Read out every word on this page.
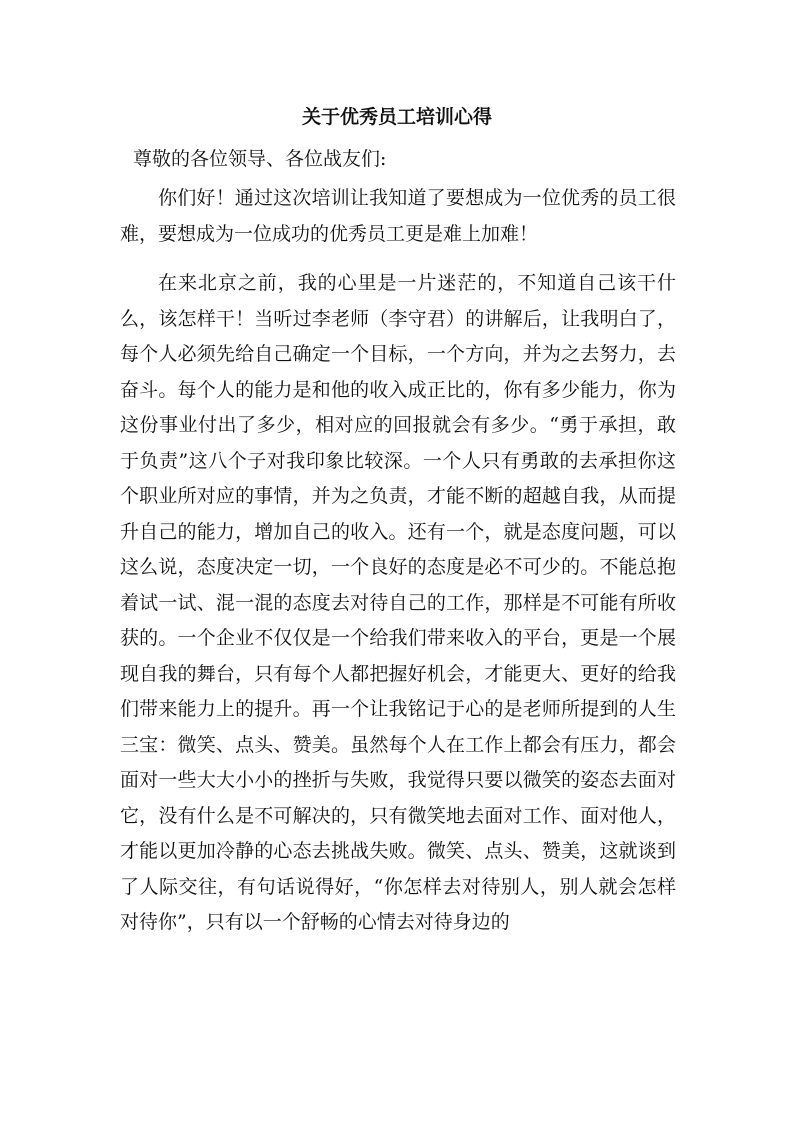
关于优秀员工培训心得

尊敬的各位领导、各位战友们:

你们好！通过这次培训让我知道了要想成为一位优秀的员工很难，要想成为一位成功的优秀员工更是难上加难！

在来北京之前，我的心里是一片迷茫的，不知道自己该干什么，该怎样干！当听过李老师（李守君）的讲解后，让我明白了，每个人必须先给自己确定一个目标，一个方向，并为之去努力，去奋斗。每个人的能力是和他的收入成正比的，你有多少能力，你为这份事业付出了多少，相对应的回报就会有多少。“勇于承担，敢于负责”这八个子对我印象比较深。一个人只有勇敢的去承担你这个职业所对应的事情，并为之负责，才能不断的超越自我，从而提升自己的能力，增加自己的收入。还有一个，就是态度问题，可以这么说，态度决定一切，一个良好的态度是必不可少的。不能总抱着试一试、混一混的态度去对待自己的工作，那样是不可能有所收获的。一个企业不仅仅是一个给我们带来收入的平台，更是一个展现自我的舞台，只有每个人都把握好机会，才能更大、更好的给我们带来能力上的提升。再一个让我铭记于心的是老师所提到的人生三宝：微笑、点头、赞美。虽然每个人在工作上都会有压力，都会面对一些大大小小的挫折与失败，我觉得只要以微笑的姿态去面对它，没有什么是不可解决的，只有微笑地去面对工作、面对他人，才能以更加冷静的心态去挑战失败。微笑、点头、赞美，这就谈到了人际交往，有句话说得好，“你怎样去对待别人，别人就会怎样对待你”，只有以一个舒畅的心情去对待身边的
